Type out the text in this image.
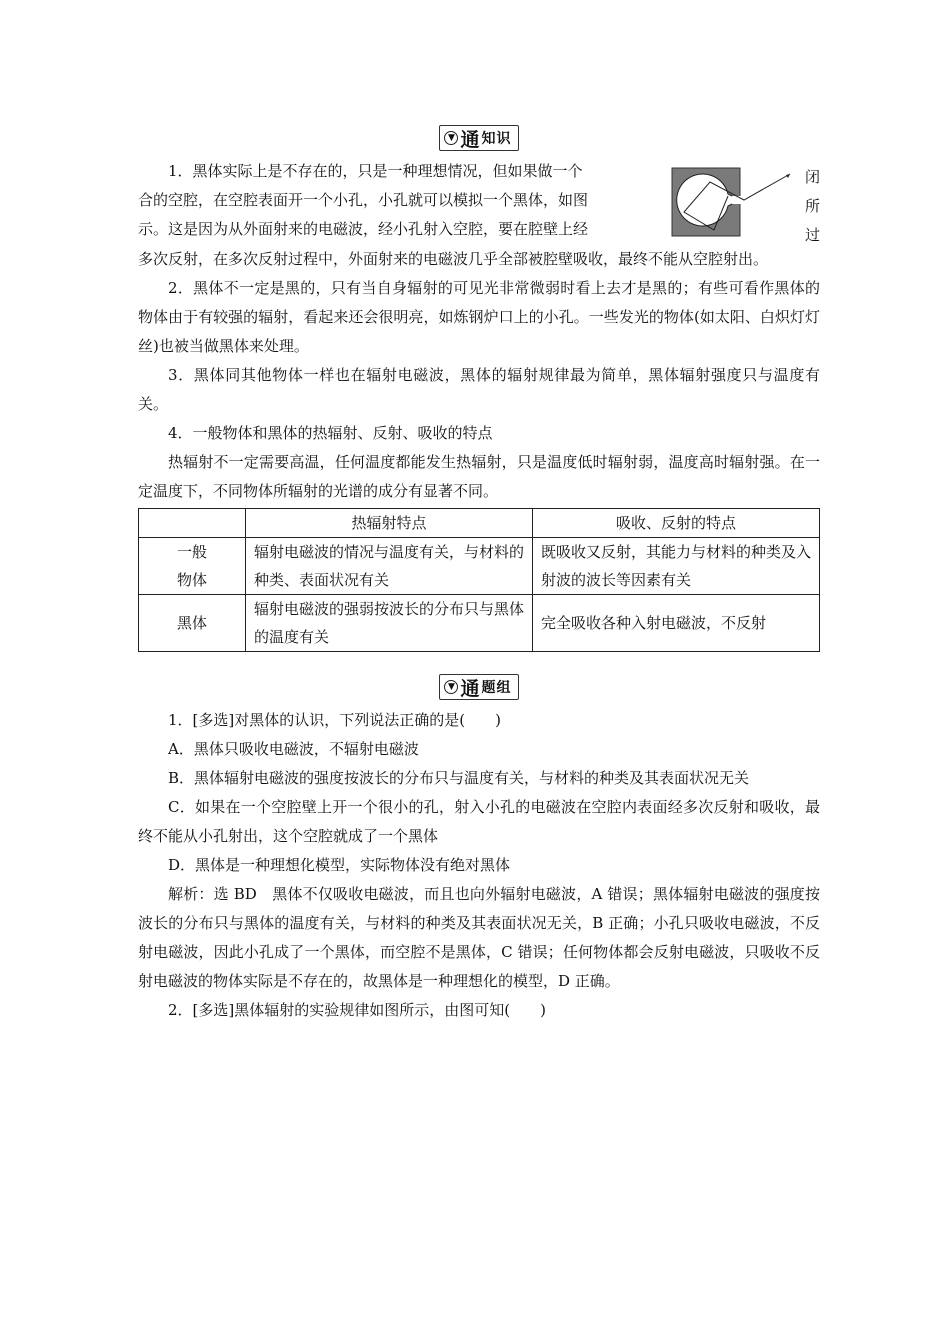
▼ 通 知识
闭
所
过

1．黑体实际上是不存在的，只是一种理想情况，但如果做一个

合的空腔，在空腔表面开一个小孔，小孔就可以模拟一个黑体，如图

示。这是因为从外面射来的电磁波，经小孔射入空腔，要在腔壁上经

多次反射，在多次反射过程中，外面射来的电磁波几乎全部被腔壁吸收，最终不能从空腔射出。

2．黑体不一定是黑的，只有当自身辐射的可见光非常微弱时看上去才是黑的；有些可看作黑体的物体由于有较强的辐射，看起来还会很明亮，如炼钢炉口上的小孔。一些发光的物体(如太阳、白炽灯灯丝)也被当做黑体来处理。

3．黑体同其他物体一样也在辐射电磁波，黑体的辐射规律最为简单，黑体辐射强度只与温度有关。

4．一般物体和黑体的热辐射、反射、吸收的特点

热辐射不一定需要高温，任何温度都能发生热辐射，只是温度低时辐射弱，温度高时辐射强。在一定温度下，不同物体所辐射的光谱的成分有显著不同。

	热辐射特点	吸收、反射的特点
一般
物体	辐射电磁波的情况与温度有关，与材料的种类、表面状况有关	既吸收又反射，其能力与材料的种类及入射波的波长等因素有关
黑体	辐射电磁波的强弱按波长的分布只与黑体的温度有关	完全吸收各种入射电磁波，不反射
▼ 通 题组

1．[多选]对黑体的认识，下列说法正确的是(　　)

A．黑体只吸收电磁波，不辐射电磁波

B．黑体辐射电磁波的强度按波长的分布只与温度有关，与材料的种类及其表面状况无关

C．如果在一个空腔壁上开一个很小的孔，射入小孔的电磁波在空腔内表面经多次反射和吸收，最终不能从小孔射出，这个空腔就成了一个黑体

D．黑体是一种理想化模型，实际物体没有绝对黑体

解析：选 BD　黑体不仅吸收电磁波，而且也向外辐射电磁波，A 错误；黑体辐射电磁波的强度按波长的分布只与黑体的温度有关，与材料的种类及其表面状况无关，B 正确；小孔只吸收电磁波，不反射电磁波，因此小孔成了一个黑体，而空腔不是黑体，C 错误；任何物体都会反射电磁波，只吸收不反射电磁波的物体实际是不存在的，故黑体是一种理想化的模型，D 正确。

2．[多选]黑体辐射的实验规律如图所示，由图可知(　　)
